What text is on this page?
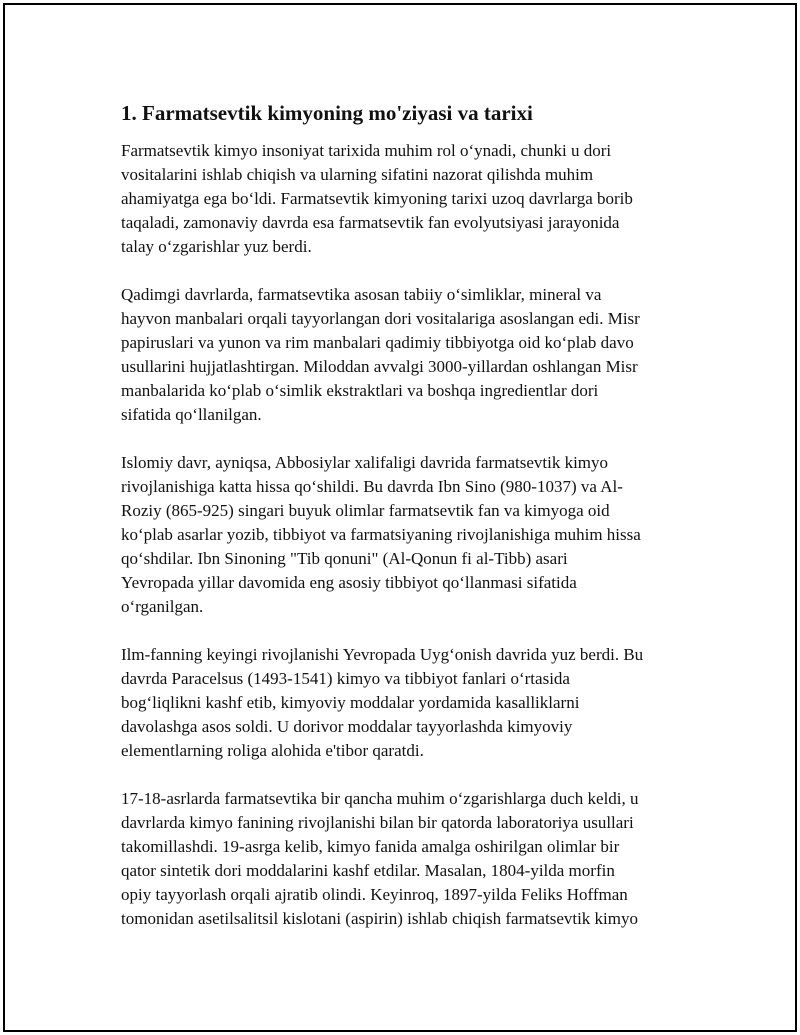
1. Farmatsevtik kimyoning mo'ziyasi va tarixi

Farmatsevtik kimyo insoniyat tarixida muhim rol oʻynadi, chunki u dori
vositalarini ishlab chiqish va ularning sifatini nazorat qilishda muhim
ahamiyatga ega boʻldi. Farmatsevtik kimyoning tarixi uzoq davrlarga borib
taqaladi, zamonaviy davrda esa farmatsevtik fan evolyutsiyasi jarayonida
talay oʻzgarishlar yuz berdi.

Qadimgi davrlarda, farmatsevtika asosan tabiiy oʻsimliklar, mineral va
hayvon manbalari orqali tayyorlangan dori vositalariga asoslangan edi. Misr
papiruslari va yunon va rim manbalari qadimiy tibbiyotga oid koʻplab davo
usullarini hujjatlashtirgan. Miloddan avvalgi 3000-yillardan oshlangan Misr
manbalarida koʻplab oʻsimlik ekstraktlari va boshqa ingredientlar dori
sifatida qoʻllanilgan.

Islomiy davr, ayniqsa, Abbosiylar xalifaligi davrida farmatsevtik kimyo
rivojlanishiga katta hissa qoʻshildi. Bu davrda Ibn Sino (980-1037) va Al-
Roziy (865-925) singari buyuk olimlar farmatsevtik fan va kimyoga oid
koʻplab asarlar yozib, tibbiyot va farmatsiyaning rivojlanishiga muhim hissa
qoʻshdilar. Ibn Sinoning "Tib qonuni" (Al-Qonun fi al-Tibb) asari
Yevropada yillar davomida eng asosiy tibbiyot qoʻllanmasi sifatida
oʻrganilgan.

Ilm-fanning keyingi rivojlanishi Yevropada Uygʻonish davrida yuz berdi. Bu
davrda Paracelsus (1493-1541) kimyo va tibbiyot fanlari oʻrtasida
bogʻliqlikni kashf etib, kimyoviy moddalar yordamida kasalliklarni
davolashga asos soldi. U dorivor moddalar tayyorlashda kimyoviy
elementlarning roliga alohida e'tibor qaratdi.

17-18-asrlarda farmatsevtika bir qancha muhim oʻzgarishlarga duch keldi, u
davrlarda kimyo fanining rivojlanishi bilan bir qatorda laboratoriya usullari
takomillashdi. 19-asrga kelib, kimyo fanida amalga oshirilgan olimlar bir
qator sintetik dori moddalarini kashf etdilar. Masalan, 1804-yilda morfin
opiy tayyorlash orqali ajratib olindi. Keyinroq, 1897-yilda Feliks Hoffman
tomonidan asetilsalitsil kislotani (aspirin) ishlab chiqish farmatsevtik kimyo
